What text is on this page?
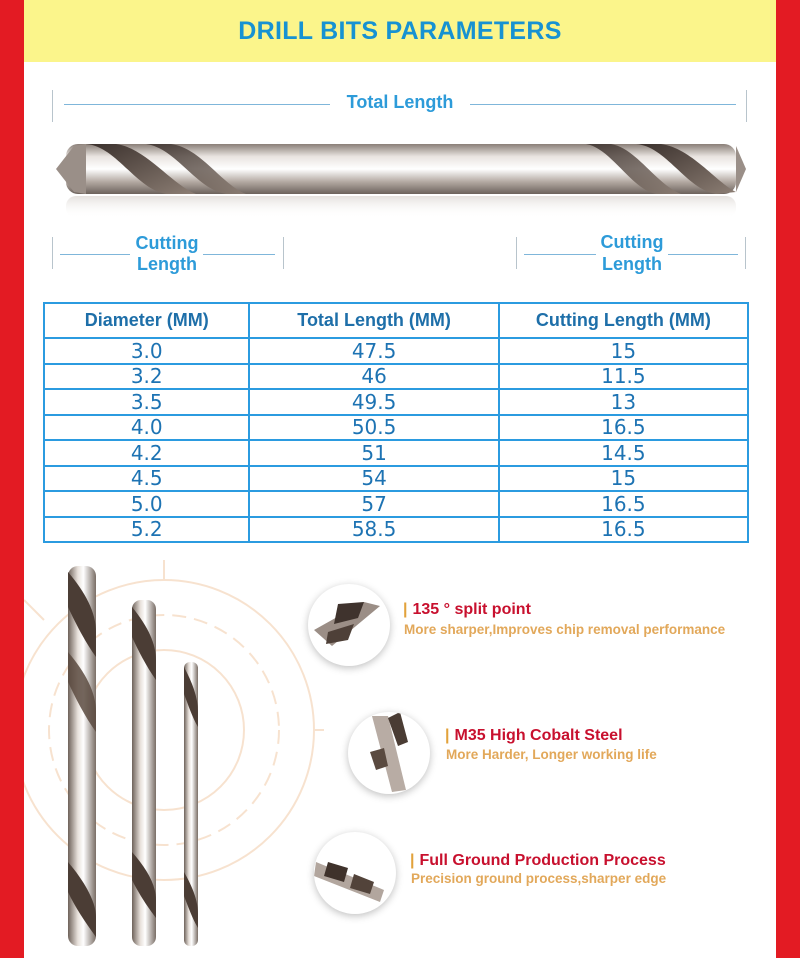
DRILL BITS PARAMETERS
Total Length
Cutting
Length
Cutting
Length
Diameter (MM)	Total Length (MM)	Cutting Length (MM)
3.0	47.5	15
3.2	46	11.5
3.5	49.5	13
4.0	50.5	16.5
4.2	51	14.5
4.5	54	15
5.0	57	16.5
5.2	58.5	16.5
| 135 ° split point
More sharper,Improves chip removal performance
| M35 High Cobalt Steel
More Harder, Longer working life
| Full Ground Production Process
Precision ground process,sharper edge
